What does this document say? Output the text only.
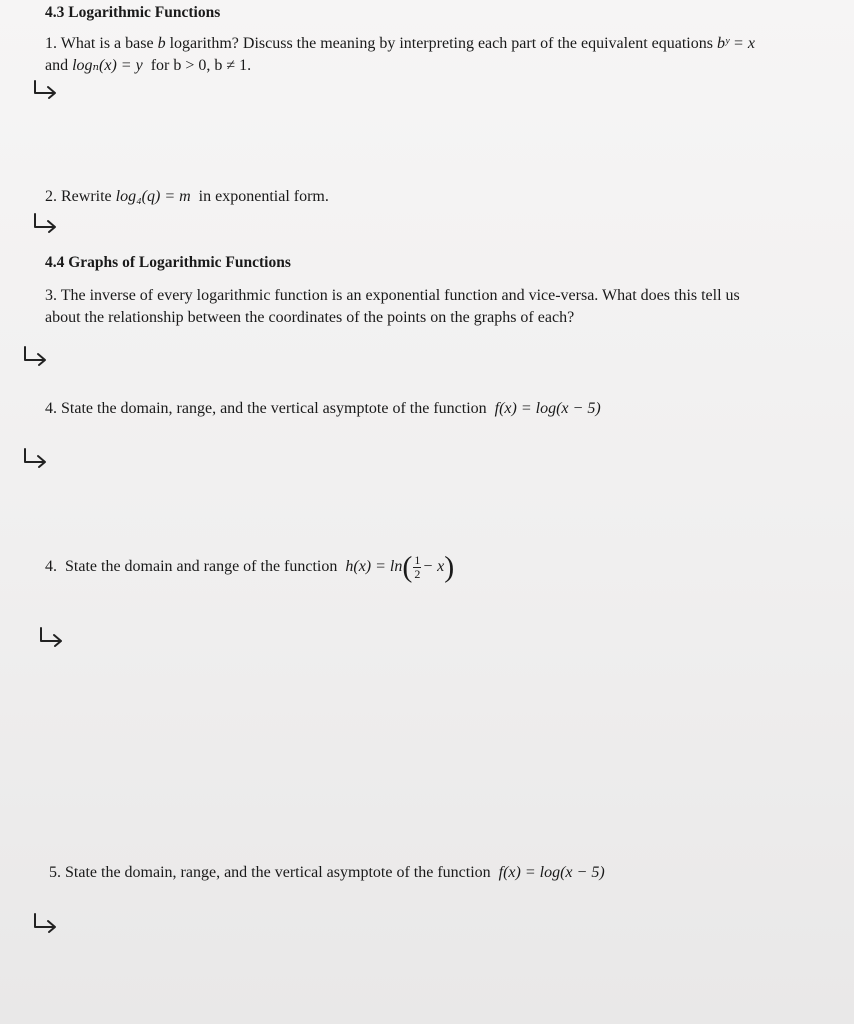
4.3 Logarithmic Functions
1. What is a base b logarithm? Discuss the meaning by interpreting each part of the equivalent equations bʸ = x
and logₙ(x) = y for b > 0, b ≠ 1.
2. Rewrite log₄(q) = m in exponential form.
4.4 Graphs of Logarithmic Functions
3. The inverse of every logarithmic function is an exponential function and vice-versa. What does this tell us
about the relationship between the coordinates of the points on the graphs of each?
4. State the domain, range, and the vertical asymptote of the function f(x) = log(x − 5)
4. State the domain and range of the function $h(x) = \ln( \frac{1}{2} - x)$
5. State the domain, range, and the vertical asymptote of the function f(x) = log(x − 5)
